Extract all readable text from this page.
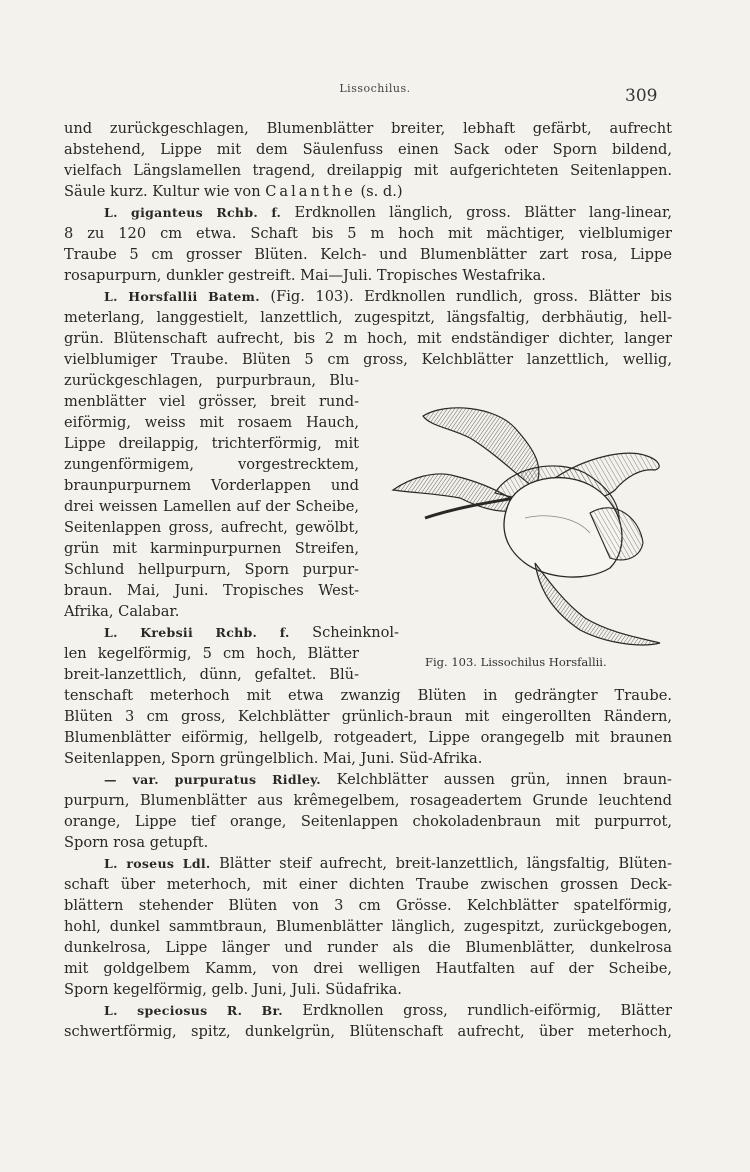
Lissochilus.	309
und zurückgeschlagen, Blumenblätter breiter, lebhaft gefärbt, aufrecht
abstehend, Lippe mit dem Säulenfuss einen Sack oder Sporn bildend,
vielfach Längslamellen tragend, dreilappig mit aufgerichteten Seitenlappen.
Säule kurz. Kultur wie von Calanthe (s. d.)
L. giganteus Rchb. f. Erdknollen länglich, gross. Blätter lang-linear,
8 zu 120 cm etwa. Schaft bis 5 m hoch mit mächtiger, vielblumiger
Traube 5 cm grosser Blüten. Kelch- und Blumenblätter zart rosa, Lippe
rosapurpurn, dunkler gestreift. Mai—Juli. Tropisches Westafrika.
L. Horsfallii Batem. (Fig. 103). Erdknollen rundlich, gross. Blätter bis
meterlang, langgestielt, lanzettlich, zugespitzt, längsfaltig, derbhäutig, hell-
grün. Blütenschaft aufrecht, bis 2 m hoch, mit endständiger dichter, langer
vielblumiger Traube. Blüten 5 cm gross, Kelchblätter lanzettlich, wellig,
zurückgeschlagen, purpurbraun, Blu-
menblätter viel grösser, breit rund-
eiförmig, weiss mit rosaem Hauch,
Lippe dreilappig, trichterförmig, mit
zungenförmigem, vorgestrecktem,
braunpurpurnem Vorderlappen und
drei weissen Lamellen auf der Scheibe,
Seitenlappen gross, aufrecht, gewölbt,
grün mit karminpurpurnen Streifen,
Schlund hellpurpurn, Sporn purpur-
braun. Mai, Juni. Tropisches West-
Afrika, Calabar.
L. Krebsii Rchb. f. Scheinknol-
len kegelförmig, 5 cm hoch, Blätter
breit-lanzettlich, dünn, gefaltet. Blü-
tenschaft meterhoch mit etwa zwanzig Blüten in gedrängter Traube.
Blüten 3 cm gross, Kelchblätter grünlich-braun mit eingerollten Rändern,
Blumenblätter eiförmig, hellgelb, rotgeadert, Lippe orangegelb mit braunen
Seitenlappen, Sporn grüngelblich. Mai, Juni. Süd-Afrika.
— var. purpuratus Ridley. Kelchblätter aussen grün, innen braun-
purpurn, Blumenblätter aus krêmegelbem, rosageadertem Grunde leuchtend
orange, Lippe tief orange, Seitenlappen chokoladenbraun mit purpurrot,
Sporn rosa getupft.
L. roseus Ldl. Blätter steif aufrecht, breit-lanzettlich, längsfaltig, Blüten-
schaft über meterhoch, mit einer dichten Traube zwischen grossen Deck-
blättern stehender Blüten von 3 cm Grösse. Kelchblätter spatelförmig,
hohl, dunkel sammtbraun, Blumenblätter länglich, zugespitzt, zurückgebogen,
dunkelrosa, Lippe länger und runder als die Blumenblätter, dunkelrosa
mit goldgelbem Kamm, von drei welligen Hautfalten auf der Scheibe,
Sporn kegelförmig, gelb. Juni, Juli. Südafrika.
L. speciosus R. Br. Erdknollen gross, rundlich-eiförmig, Blätter
schwertförmig, spitz, dunkelgrün, Blütenschaft aufrecht, über meterhoch,
Fig. 103. Lissochilus Horsfallii.
